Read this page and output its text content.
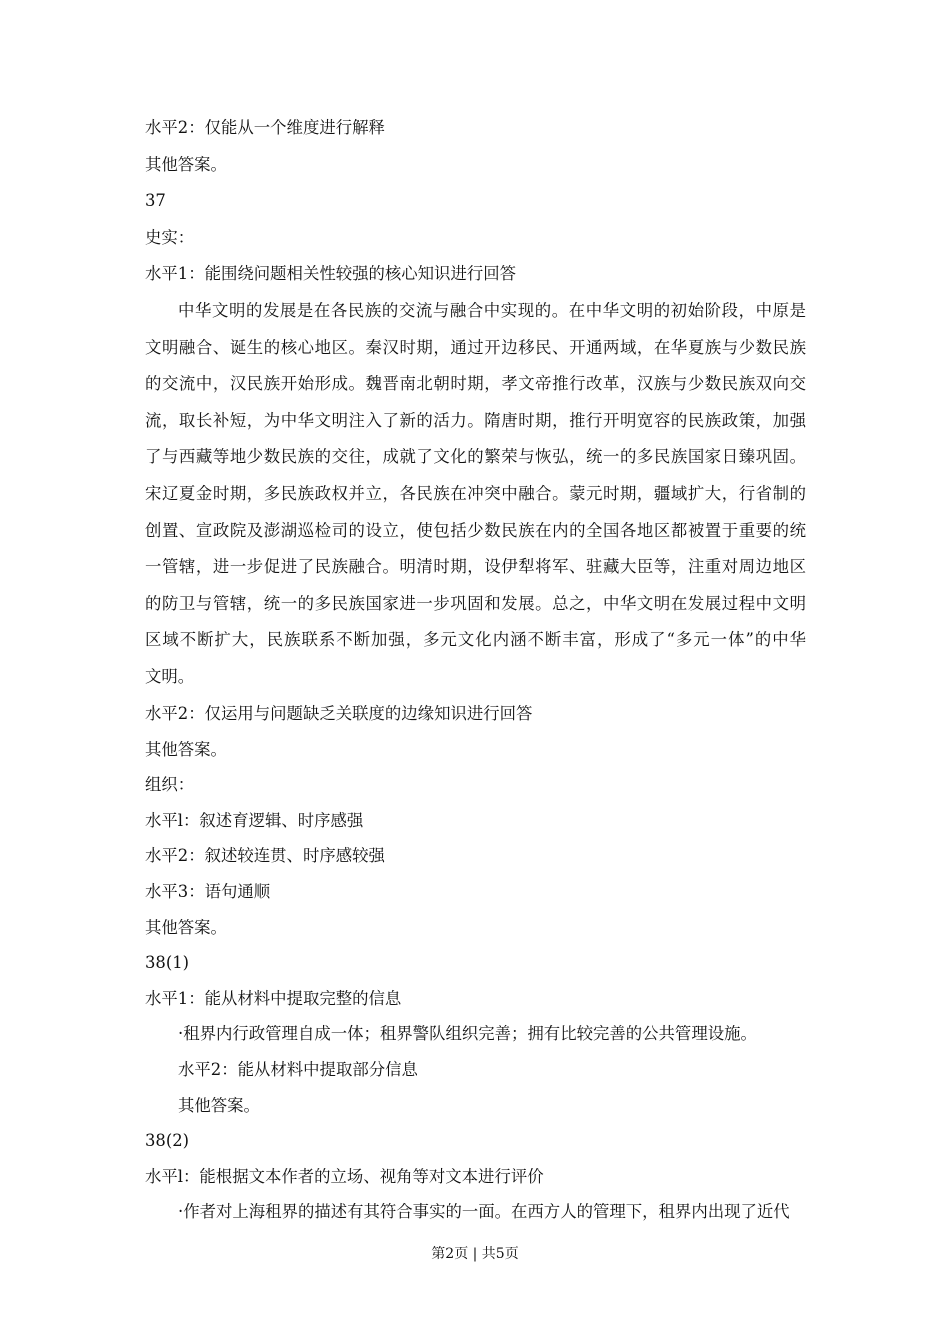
水平2：仅能从一个维度进行解释
其他答案。
37
史实：
水平1：能围绕问题相关性较强的核心知识进行回答
中华文明的发展是在各民族的交流与融合中实现的。在中华文明的初始阶段，中原是
文明融合、诞生的核心地区。秦汉时期，通过开边移民、开通两域，在华夏族与少数民族
的交流中，汉民族开始形成。魏晋南北朝时期，孝文帝推行改革，汉族与少数民族双向交
流，取长补短，为中华文明注入了新的活力。隋唐时期，推行开明宽容的民族政策，加强
了与西藏等地少数民族的交往，成就了文化的繁荣与恢弘，统一的多民族国家日臻巩固。
宋辽夏金时期，多民族政权并立，各民族在冲突中融合。蒙元时期，疆域扩大，行省制的
创置、宣政院及澎湖巡检司的设立，使包括少数民族在内的全国各地区都被置于重要的统
一管辖，进一步促进了民族融合。明清时期，设伊犁将军、驻藏大臣等，注重对周边地区
的防卫与管辖，统一的多民族国家进一步巩固和发展。总之，中华文明在发展过程中文明
区域不断扩大，民族联系不断加强，多元文化内涵不断丰富，形成了“多元一体”的中华
文明。
水平2：仅运用与问题缺乏关联度的边缘知识进行回答
其他答案。
组织：
水平l：叙述育逻辑、时序感强
水平2：叙述较连贯、时序感较强
水平3：语句通顺
其他答案。
38(1)
水平1：能从材料中提取完整的信息
·租界内行政管理自成一体；租界警队组织完善；拥有比较完善的公共管理设施。
水平2：能从材料中提取部分信息
其他答案。
38(2)
水平l：能根据文本作者的立场、视角等对文本进行评价
·作者对上海租界的描述有其符合事实的一面。在西方人的管理下，租界内出现了近代
第2页 | 共5页
